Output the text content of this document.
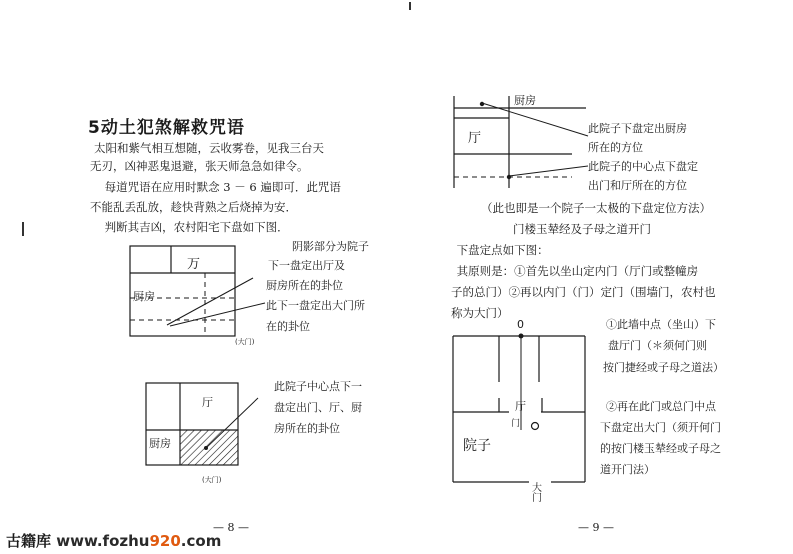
5动土犯煞解救咒语
太阳和紫气相互想随，云收雾卷，见我三台天
无刃，凶神恶鬼退避，张天师急急如律令。
每道咒语在应用时默念 3 － 6 遍即可．此咒语
不能乱丢乱放，趁快背熟之后烧掉为安．
判断其吉凶，农村阳宅下盘如下图．
万
厨房
(大门)
阴影部分为院子
下一盘定出厅及
厨房所在的卦位
此下一盘定出大门所
在的卦位
厅
厨房
(大门)
此院子中心点下一
盘定出门、厅、厨
房所在的卦位
— 8 —
厨房
厅
此院子下盘定出厨房
所在的方位
此院子的中心点下盘定
出门和厅所在的方位
（此也即是一个院子一太极的下盘定位方法）
门楼玉辇经及子母之道开门
下盘定点如下图：
其原则是：①首先以坐山定内门（厅门或整幢房
子的总门）②再以内门（门）定门（围墙门，农村也
称为大门）
0
厅
门
院子
大门
①此墙中点（坐山）下
盘厅门（＊须何门则
按门捷经或子母之道法）
②再在此门或总门中点
下盘定出大门（须开何门
的按门楼玉辇经或子母之
道开门法）
— 9 —
古籍库 www.fozhu920.com
